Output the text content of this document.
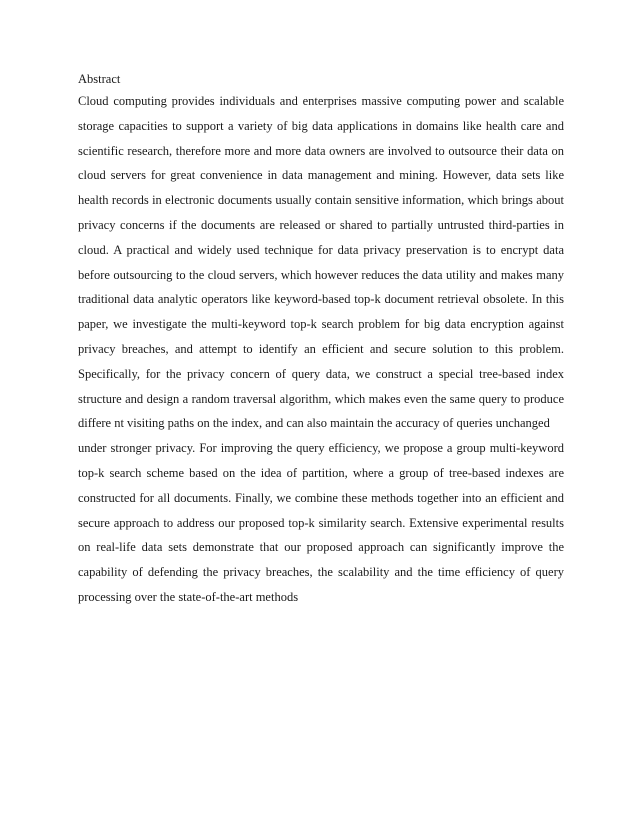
Abstract
Cloud computing provides individuals and enterprises massive computing power and scalable
storage capacities to support a variety of big data applications in domains like health care and
scientific research, therefore more and more data owners are involved to outsource their data on
cloud servers for great convenience in data management and mining. However, data sets like
health records in electronic documents usually contain sensitive information, which brings about
privacy concerns if the documents are released or shared to partially untrusted third-parties in
cloud. A practical and widely used technique for data privacy preservation is to encrypt data
before outsourcing to the cloud servers, which however reduces the data utility and makes many
traditional data analytic operators like keyword-based top-k document retrieval obsolete. In this
paper, we investigate the multi-keyword top-k search problem for big data encryption against
privacy breaches, and attempt to identify an efficient and secure solution to this problem.
Specifically, for the privacy concern of query data, we construct a special tree-based index
structure and design a random traversal algorithm, which makes even the same query to produce
differe nt visiting paths on the index, and can also maintain the accuracy of queries unchanged
under stronger privacy. For improving the query efficiency, we propose a group multi-keyword
top-k search scheme based on the idea of partition, where a group of tree-based indexes are
constructed for all documents. Finally, we combine these methods together into an efficient and
secure approach to address our proposed top-k similarity search. Extensive experimental results
on real-life data sets demonstrate that our proposed approach can significantly improve the
capability of defending the privacy breaches, the scalability and the time efficiency of query
processing over the state-of-the-art methods
